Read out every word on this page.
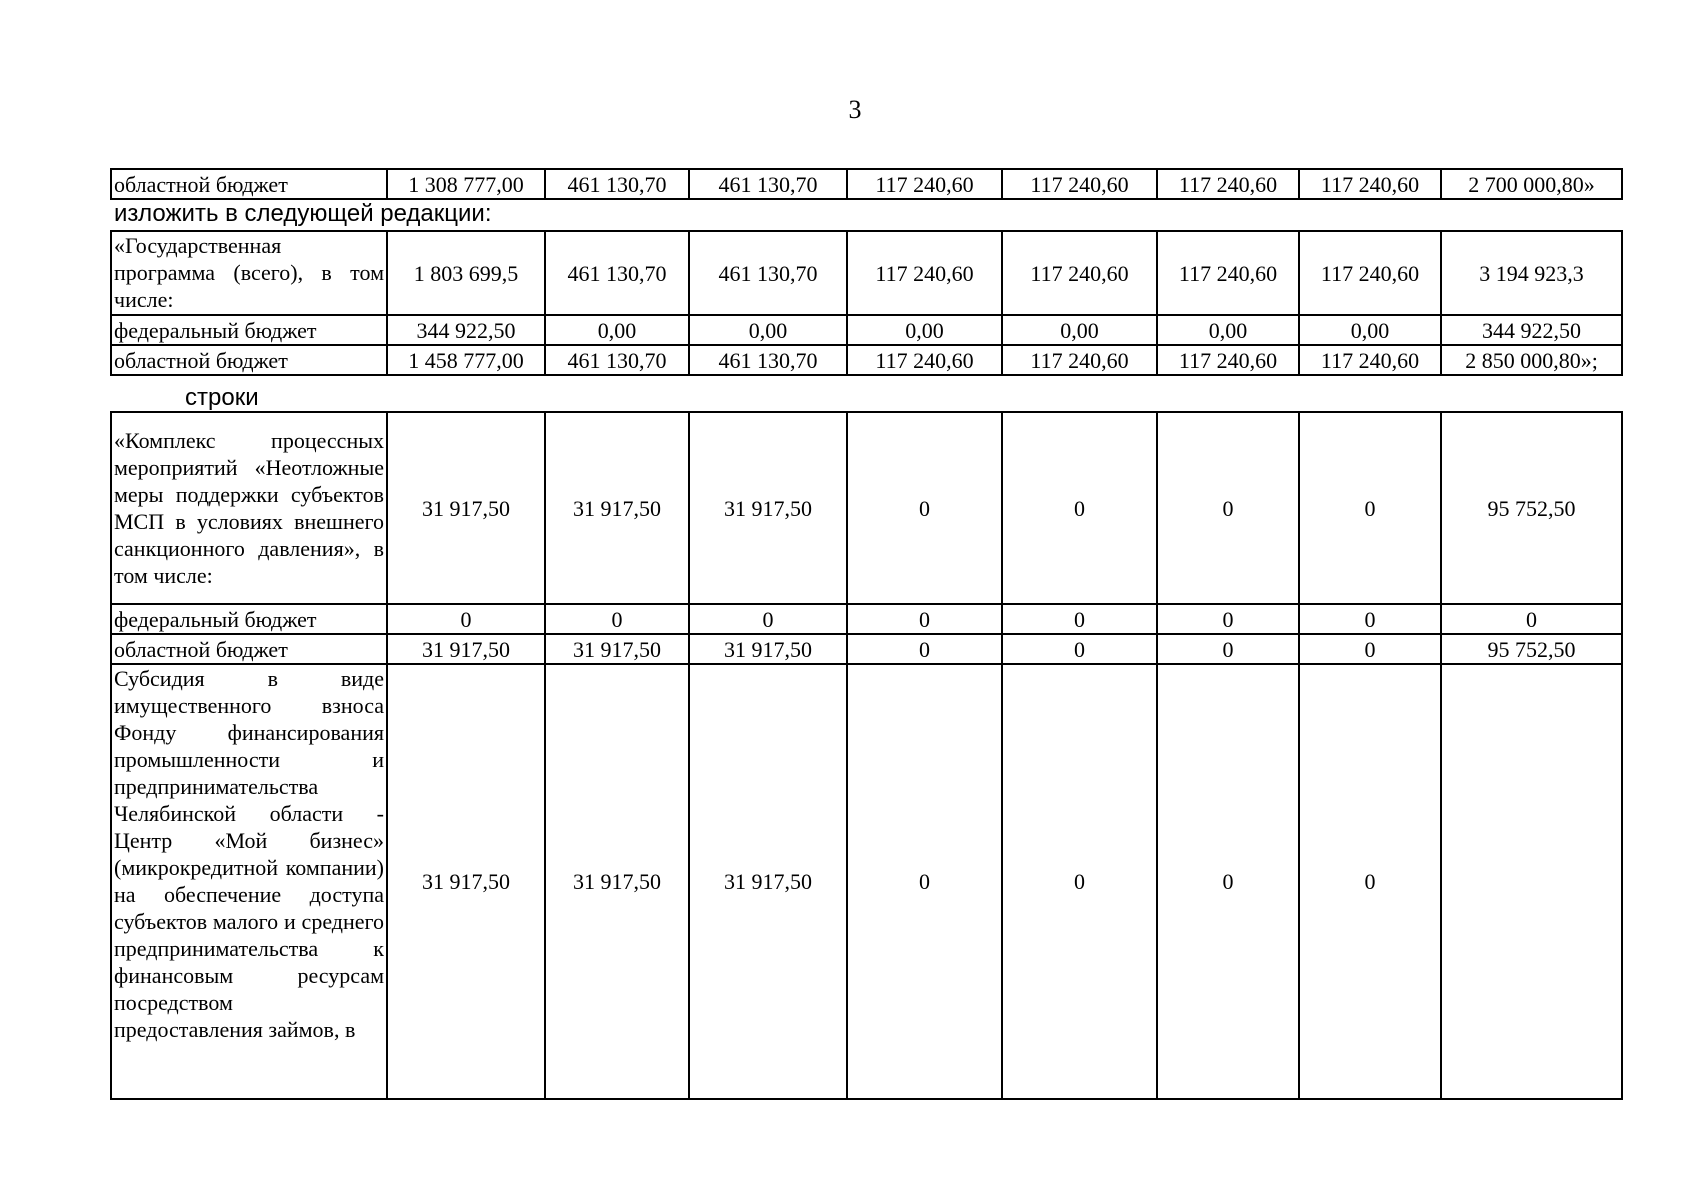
3
областной бюджет	1 308 777,00	461 130,70	461 130,70	117 240,60	117 240,60	117 240,60	117 240,60	2 700 000,80»
изложить в следующей редакции:
«Государственная программа (всего), в том числе:	1 803 699,5	461 130,70	461 130,70	117 240,60	117 240,60	117 240,60	117 240,60	3 194 923,3
федеральный бюджет	344 922,50	0,00	0,00	0,00	0,00	0,00	0,00	344 922,50
областной бюджет	1 458 777,00	461 130,70	461 130,70	117 240,60	117 240,60	117 240,60	117 240,60	2 850 000,80»;
строки
«Комплекс процессных мероприятий «Неотложные меры поддержки субъектов МСП в условиях внешнего санкционного давления», в том числе:	31 917,50	31 917,50	31 917,50	0	0	0	0	95 752,50
федеральный бюджет	0	0	0	0	0	0	0	0
областной бюджет	31 917,50	31 917,50	31 917,50	0	0	0	0	95 752,50
Субсидия в виде имущественного взноса Фонду финансирования промышленности и предпринимательства Челябинской области - Центр «Мой бизнес» (микрокредитной компании) на обеспечение доступа субъектов малого и среднего предпринимательства к финансовым ресурсам посредством предоставления займов, в	31 917,50	31 917,50	31 917,50	0	0	0	0	
